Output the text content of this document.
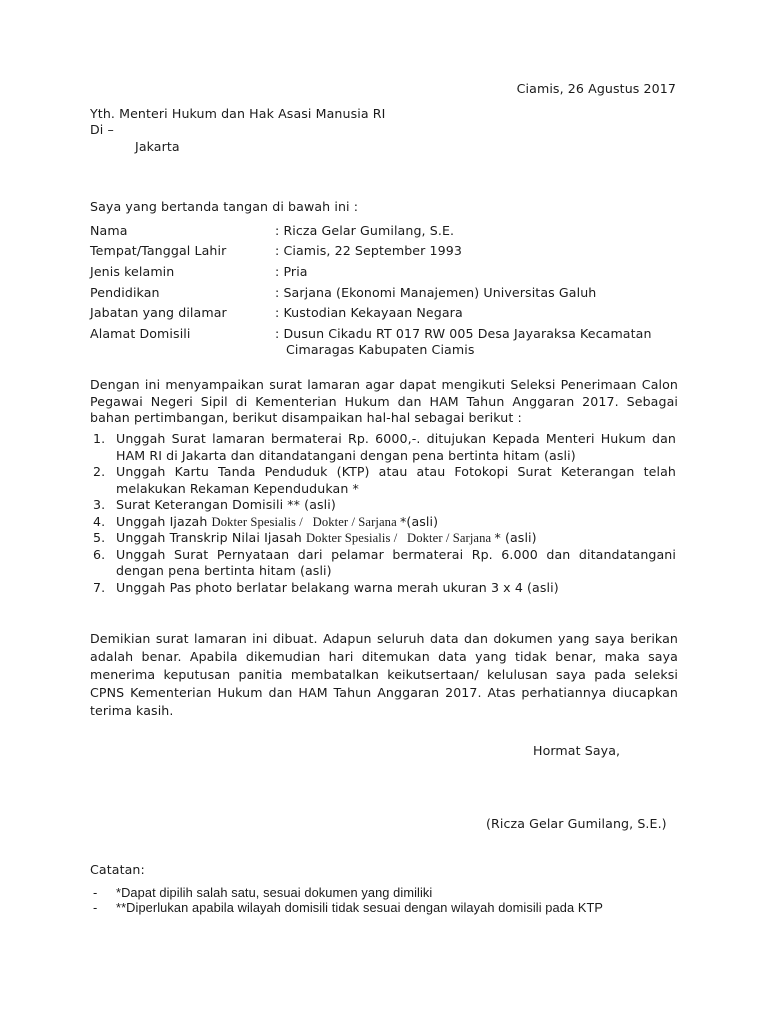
Ciamis, 26 Agustus 2017
Yth. Menteri Hukum dan Hak Asasi Manusia RI
Di –
Jakarta
Saya yang bertanda tangan di bawah ini :
Nama	: Ricza Gelar Gumilang, S.E.
Tempat/Tanggal Lahir	: Ciamis, 22 September 1993
Jenis kelamin	: Pria
Pendidikan	: Sarjana (Ekonomi Manajemen) Universitas Galuh
Jabatan yang dilamar	: Kustodian Kekayaan Negara
Alamat Domisili	: Dusun Cikadu RT 017 RW 005 Desa Jayaraksa Kecamatan
Cimaragas Kabupaten Ciamis
Dengan ini menyampaikan surat lamaran agar dapat mengikuti Seleksi Penerimaan Calon Pegawai Negeri Sipil di Kementerian Hukum dan HAM Tahun Anggaran 2017. Sebagai bahan pertimbangan, berikut disampaikan hal-hal sebagai berikut :
1. Unggah Surat lamaran bermaterai Rp. 6000,-. ditujukan Kepada Menteri Hukum dan HAM RI di Jakarta dan ditandatangani dengan pena bertinta hitam (asli)
2. Unggah Kartu Tanda Penduduk (KTP) atau atau Fotokopi Surat Keterangan telah melakukan Rekaman Kependudukan *
3. Surat Keterangan Domisili ** (asli)
4. Unggah Ijazah Dokter Spesialis /   Dokter / Sarjana *(asli)
5. Unggah Transkrip Nilai Ijasah Dokter Spesialis /   Dokter / Sarjana * (asli)
6. Unggah Surat Pernyataan dari pelamar bermaterai Rp. 6.000 dan ditandatangani dengan pena bertinta hitam (asli)
7. Unggah Pas photo berlatar belakang warna merah ukuran 3 x 4 (asli)
Demikian surat lamaran ini dibuat. Adapun seluruh data dan dokumen yang saya berikan adalah benar. Apabila dikemudian hari ditemukan data yang tidak benar, maka saya menerima keputusan panitia membatalkan keikutsertaan/ kelulusan saya pada seleksi CPNS Kementerian Hukum dan HAM Tahun Anggaran 2017. Atas perhatiannya diucapkan terima kasih.
Hormat Saya,
(Ricza Gelar Gumilang, S.E.)
Catatan:
- *Dapat dipilih salah satu, sesuai dokumen yang dimiliki
- **Diperlukan apabila wilayah domisili tidak sesuai dengan wilayah domisili pada KTP
